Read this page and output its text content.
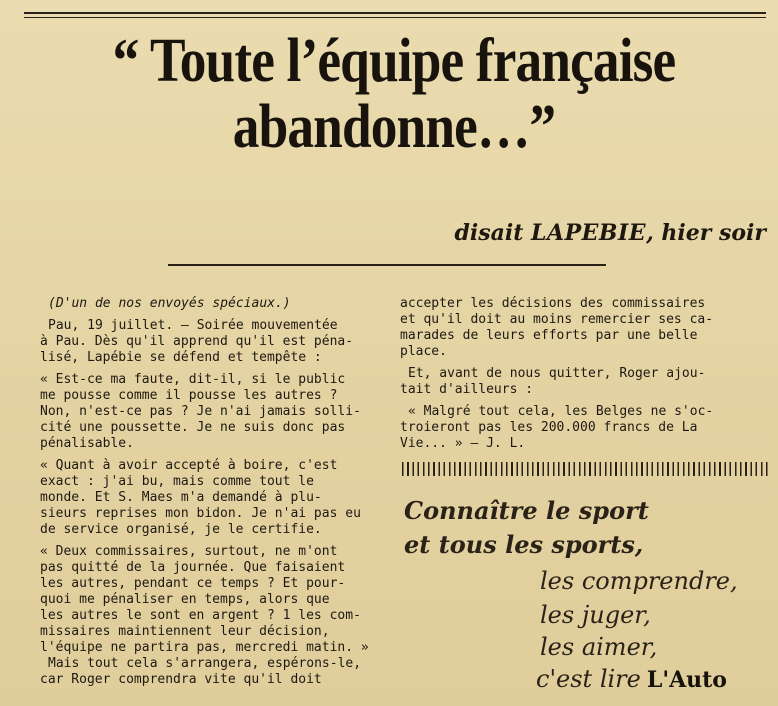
“ Toute l’équipe française
abandonne…”
disait LAPEBIE, hier soir

(D'un de nos envoyés spéciaux.)

Pau, 19 juillet. — Soirée mouvementée

à Pau. Dès qu'il apprend qu'il est péna-

lisé, Lapébie se défend et tempête :

« Est-ce ma faute, dit-il, si le public

me pousse comme il pousse les autres ?

Non, n'est-ce pas ? Je n'ai jamais solli-

cité une poussette. Je ne suis donc pas

pénalisable.

« Quant à avoir accepté à boire, c'est

exact : j'ai bu, mais comme tout le

monde. Et S. Maes m'a demandé à plu-

sieurs reprises mon bidon. Je n'ai pas eu

de service organisé, je le certifie.

« Deux commissaires, surtout, ne m'ont

pas quitté de la journée. Que faisaient

les autres, pendant ce temps ? Et pour-

quoi me pénaliser en temps, alors que

les autres le sont en argent ? 1 les com-

missaires maintiennent leur décision,

l'équipe ne partira pas, mercredi matin. »

Mais tout cela s'arrangera, espérons-le,

car Roger comprendra vite qu'il doit

accepter les décisions des commissaires

et qu'il doit au moins remercier ses ca-

marades de leurs efforts par une belle

place.

Et, avant de nous quitter, Roger ajou-

tait d'ailleurs :

« Malgré tout cela, les Belges ne s'oc-

troieront pas les 200.000 francs de La

Vie... » — J. L.

Connaître le sport
et tous les sports,
les comprendre,
les juger,
les aimer,
c'est lire L'Auto
